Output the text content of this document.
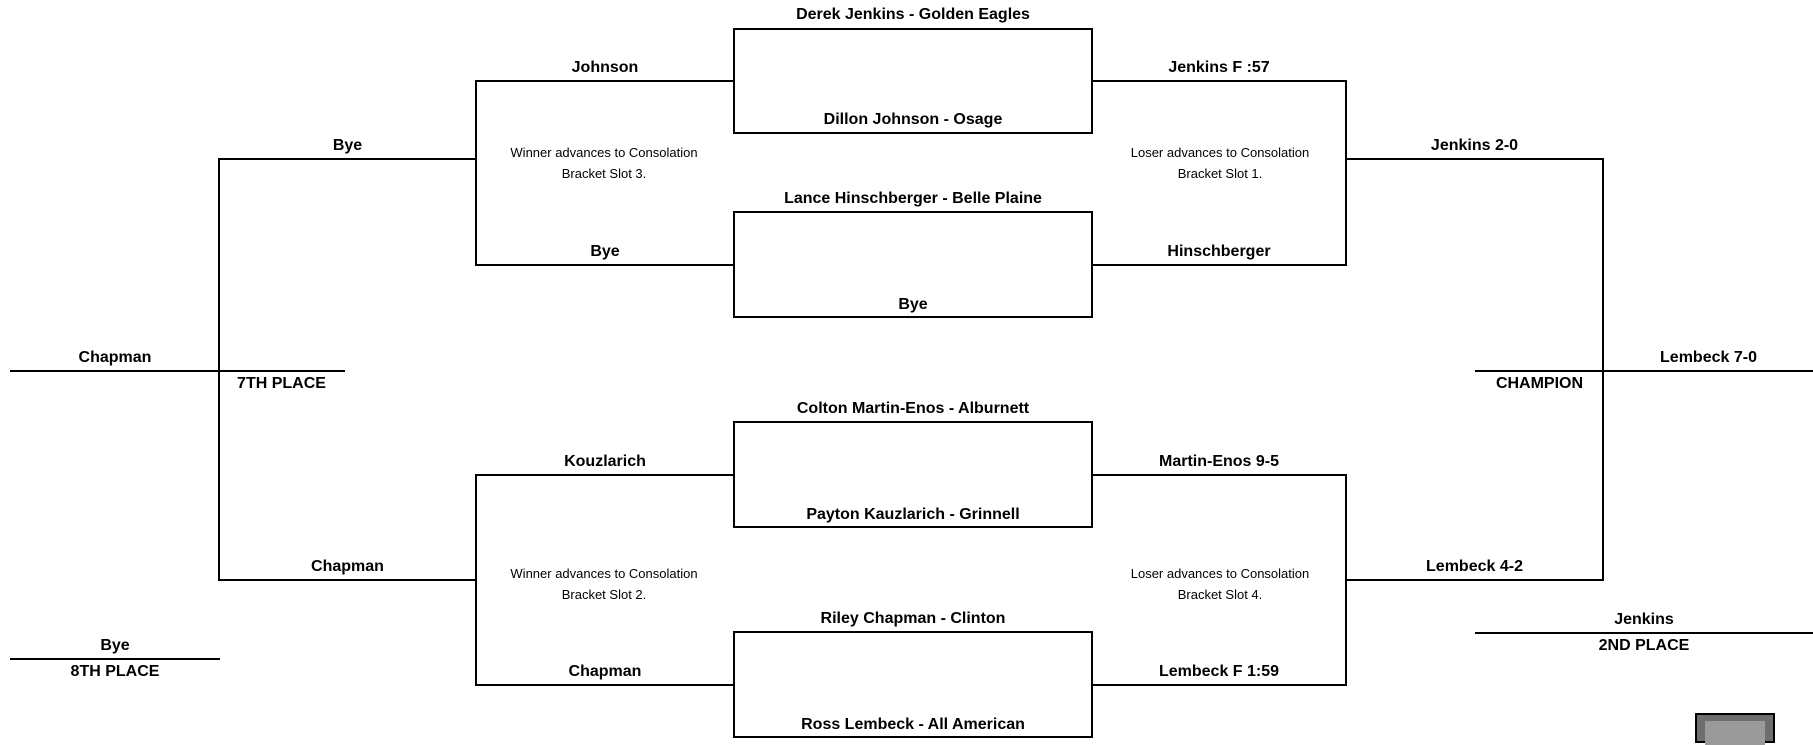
Derek Jenkins - Golden Eagles
Dillon Johnson - Osage
Lance Hinschberger - Belle Plaine
Bye
Colton Martin-Enos - Alburnett
Payton Kauzlarich - Grinnell
Riley Chapman - Clinton
Ross Lembeck - All American
Johnson
Bye
Kouzlarich
Chapman
Bye
Chapman
Chapman
7TH PLACE
Bye
8TH PLACE
Jenkins F :57
Hinschberger
Martin-Enos 9-5
Lembeck F 1:59
Jenkins 2-0
Lembeck 4-2
Lembeck 7-0
CHAMPION
Jenkins
2ND PLACE
Winner advances to Consolation Bracket Slot 3.
Loser advances to Consolation Bracket Slot 1.
Winner advances to Consolation Bracket Slot 2.
Loser advances to Consolation Bracket Slot 4.
